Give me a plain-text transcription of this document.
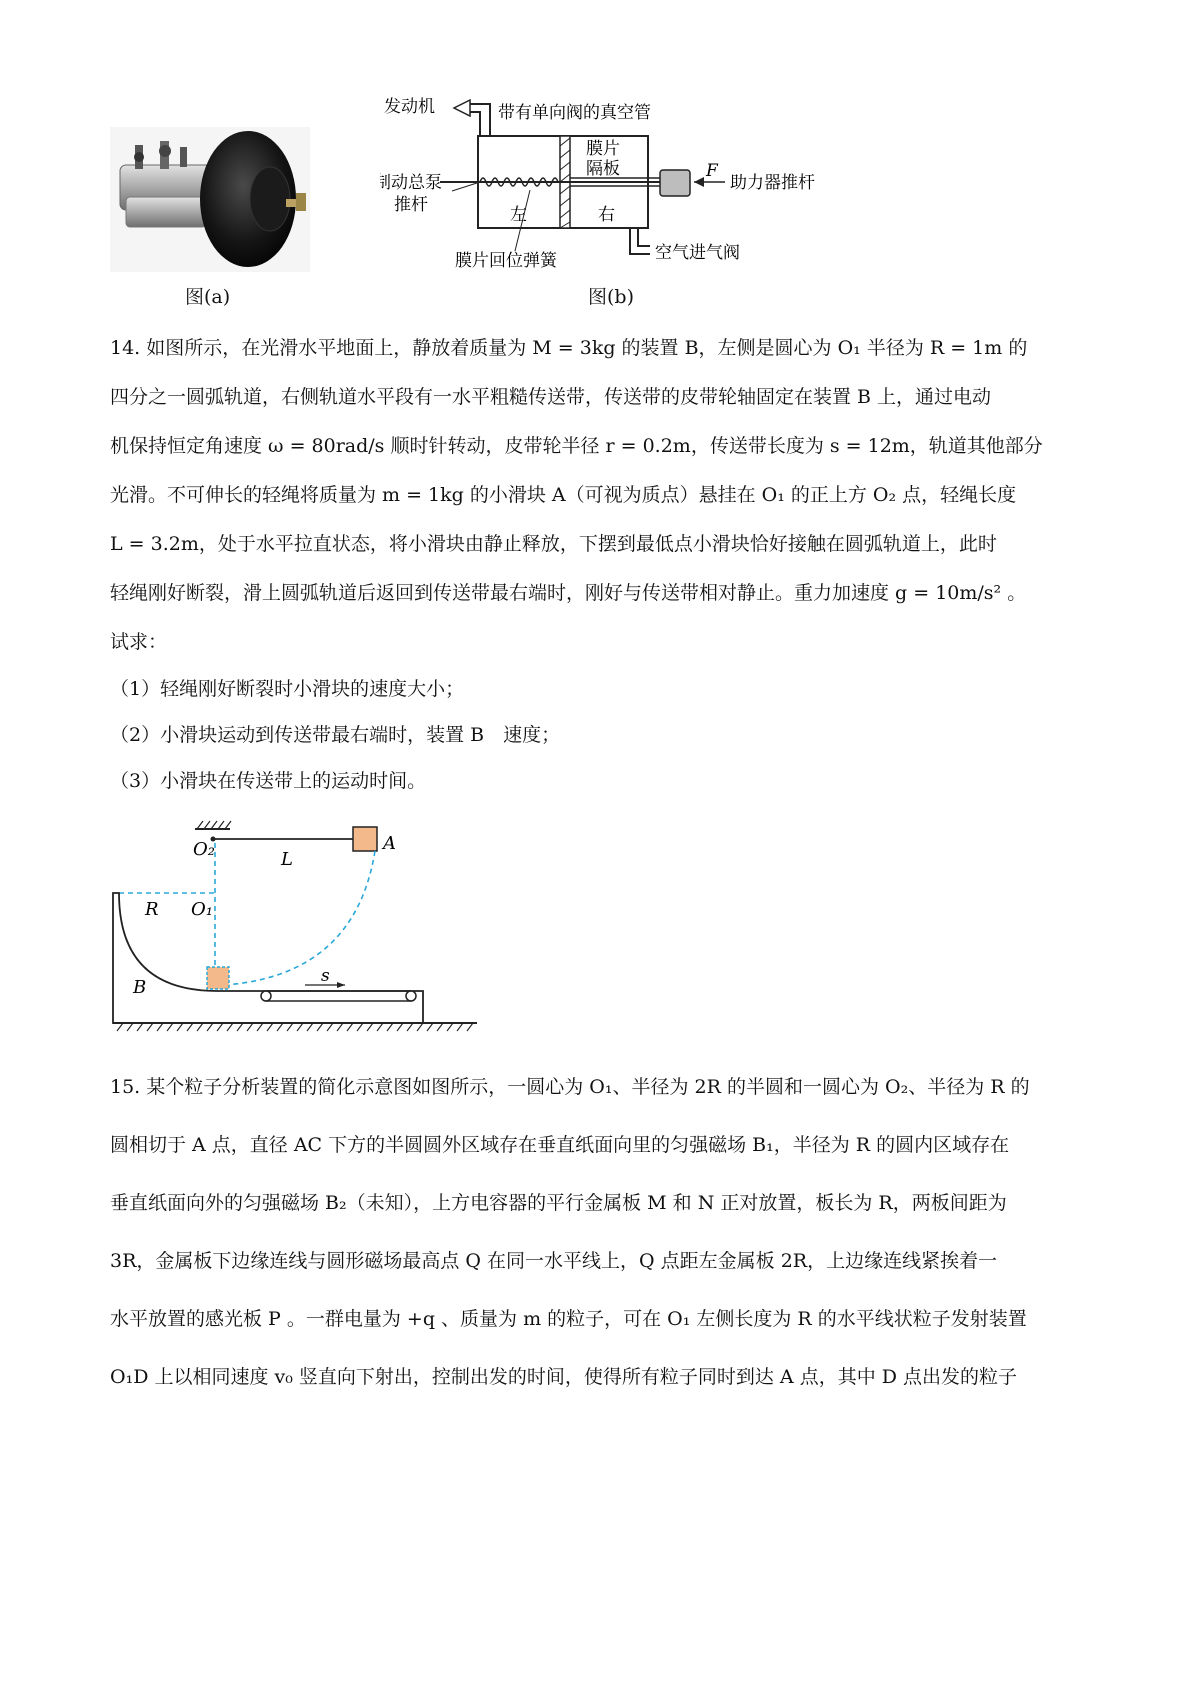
图(a)
发动机	带有单向阀的真空管
膜片
隔板
制动总泵
推杆
F
助力器推杆
左	右
膜片回位弹簧	空气进气阀
图(b)
14. 如图所示，在光滑水平地面上，静放着质量为 M = 3kg 的装置 B，左侧是圆心为 O₁ 半径为 R = 1m 的
四分之一圆弧轨道，右侧轨道水平段有一水平粗糙传送带，传送带的皮带轮轴固定在装置 B 上，通过电动
机保持恒定角速度 ω = 80rad/s 顺时针转动，皮带轮半径 r = 0.2m，传送带长度为 s = 12m，轨道其他部分
光滑。不可伸长的轻绳将质量为 m = 1kg 的小滑块 A（可视为质点）悬挂在 O₁ 的正上方 O₂ 点，轻绳长度
L = 3.2m，处于水平拉直状态，将小滑块由静止释放，下摆到最低点小滑块恰好接触在圆弧轨道上，此时
轻绳刚好断裂，滑上圆弧轨道后返回到传送带最右端时，刚好与传送带相对静止。重力加速度 g = 10m/s² 。
试求：
（1）轻绳刚好断裂时小滑块的速度大小；
（2）小滑块运动到传送带最右端时，装置 B　速度；
（3）小滑块在传送带上的运动时间。
O₂	L
A
R O₁
B
s
15. 某个粒子分析装置的简化示意图如图所示，一圆心为 O₁、半径为 2R 的半圆和一圆心为 O₂、半径为 R 的
圆相切于 A 点，直径 AC 下方的半圆圆外区域存在垂直纸面向里的匀强磁场 B₁，半径为 R 的圆内区域存在
垂直纸面向外的匀强磁场 B₂（未知），上方电容器的平行金属板 M 和 N 正对放置，板长为 R，两板间距为
3R，金属板下边缘连线与圆形磁场最高点 Q 在同一水平线上，Q 点距左金属板 2R，上边缘连线紧挨着一
水平放置的感光板 P 。一群电量为 +q 、质量为 m 的粒子，可在 O₁ 左侧长度为 R 的水平线状粒子发射装置
O₁D 上以相同速度 v₀ 竖直向下射出，控制出发的时间，使得所有粒子同时到达 A 点，其中 D 点出发的粒子
